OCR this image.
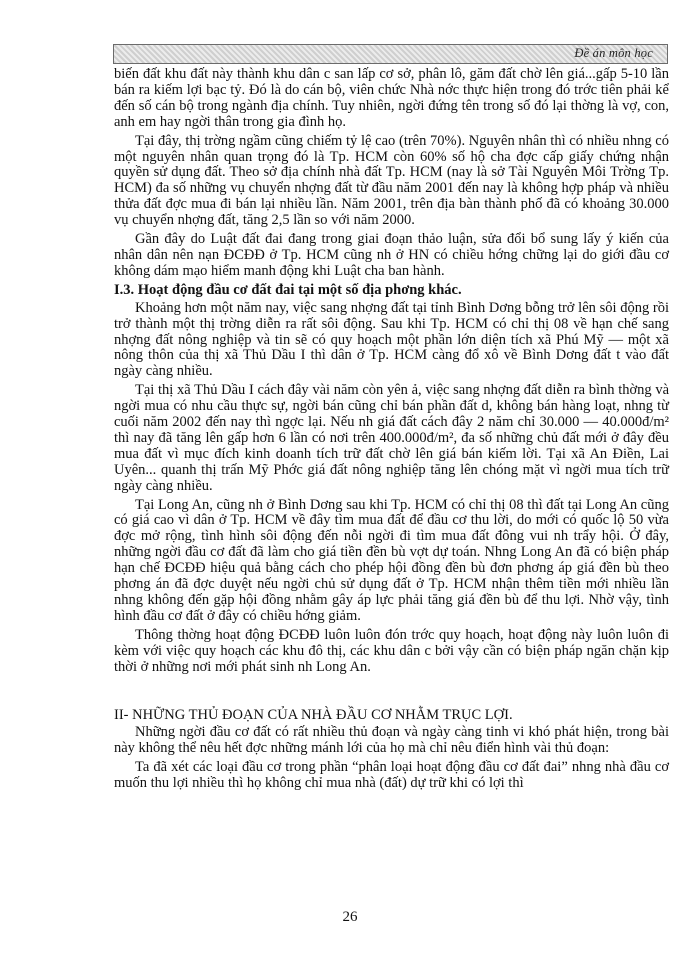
Đề án môn học

biến đất khu đất này thành khu dân c san lấp cơ sở, phân lô, găm đất chờ lên giá...gấp 5-10 lần bán ra kiếm lợi bạc tỷ. Đó là do cán bộ, viên chức Nhà nớc thực hiện trong đó trớc tiên phải kể đến số cán bộ trong ngành địa chính. Tuy nhiên, ngời đứng tên trong số đó lại thờng là vợ, con, anh em hay ngời thân trong gia đình họ.

Tại đây, thị trờng ngầm cũng chiếm tỷ lệ cao (trên 70%). Nguyên nhân thì có nhiều nhng có một nguyên nhân quan trọng đó là Tp. HCM còn 60% số hộ cha đợc cấp giấy chứng nhận quyền sử dụng đất. Theo sở địa chính nhà đất Tp. HCM (nay là sở Tài Nguyên Môi Trờng Tp. HCM) đa số những vụ chuyển nhợng đất từ đầu năm 2001 đến nay là không hợp pháp và nhiều thửa đất đợc mua đi bán lại nhiều lần. Năm 2001, trên địa bàn thành phố đã có khoảng 30.000 vụ chuyển nhợng đất, tăng 2,5 lần so với năm 2000.

Gần đây do Luật đất đai đang trong giai đoạn thảo luận, sửa đổi bổ sung lấy ý kiến của nhân dân nên nạn ĐCĐĐ ở Tp. HCM cũng nh ở HN có chiều hớng chững lại do giới đầu cơ không dám mạo hiểm manh động khi Luật cha ban hành.

I.3. Hoạt động đầu cơ đất đai tại một số địa phơng khác.

Khoảng hơn một năm nay, việc sang nhợng đất tại tỉnh Bình Dơng bỗng trở lên sôi động rồi trở thành một thị trờng diễn ra rất sôi động. Sau khi Tp. HCM có chỉ thị 08 về hạn chế sang nhợng đất nông nghiệp và tin sẽ có quy hoạch một phần lớn diện tích xã Phú Mỹ — một xã nông thôn của thị xã Thủ Dầu I thì dân ở Tp. HCM càng đổ xô về Bình Dơng đất t vào đất ngày càng nhiều.

Tại thị xã Thủ Dầu I cách đây vài năm còn yên ả, việc sang nhợng đất diễn ra bình thờng và ngời mua có nhu cầu thực sự, ngời bán cũng chỉ bán phần đất d, không bán hàng loạt, nhng từ cuối năm 2002 đến nay thì ngợc lại. Nếu nh giá đất cách đây 2 năm chỉ 30.000 — 40.000đ/m² thì nay đã tăng lên gấp hơn 6 lần có nơi trên 400.000đ/m², đa số những chủ đất mới ở đây đều mua đất vì mục đích kinh doanh tích trữ đất chờ lên giá bán kiếm lời. Tại xã An Điền, Lai Uyên... quanh thị trấn Mỹ Phớc giá đất nông nghiệp tăng lên chóng mặt vì ngời mua tích trữ ngày càng nhiều.

Tại Long An, cũng nh ở Bình Dơng sau khi Tp. HCM có chỉ thị 08 thì đất tại Long An cũng có giá cao vì dân ở Tp. HCM về đây tìm mua đất để đầu cơ thu lời, do mới có quốc lộ 50 vừa đợc mở rộng, tình hình sôi động đến nỗi ngời đi tìm mua đất đông vui nh trẩy hội. Ở đây, những ngời đầu cơ đất đã làm cho giá tiền đền bù vợt dự toán. Nhng Long An đã có biện pháp hạn chế ĐCĐĐ hiệu quả bằng cách cho phép hội đồng đền bù đơn phơng áp giá đền bù theo phơng án đã đợc duyệt nếu ngời chủ sử dụng đất ở Tp. HCM nhận thêm tiền mới nhiều lần nhng không đến gặp hội đồng nhằm gây áp lực phải tăng giá đền bù để thu lợi. Nhờ vậy, tình hình đầu cơ đất ở đây có chiều hớng giảm.

Thông thờng hoạt động ĐCĐĐ luôn luôn đón trớc quy hoạch, hoạt động này luôn luôn đi kèm với việc quy hoạch các khu đô thị, các khu dân c bởi vậy cần có biện pháp ngăn chặn kịp thời ở những nơi mới phát sinh nh Long An.

II- NHỮNG THỦ ĐOẠN CỦA NHÀ ĐẦU CƠ NHẰM TRỤC LỢI.

Những ngời đầu cơ đất có rất nhiều thủ đoạn và ngày càng tinh vi khó phát hiện, trong bài này không thể nêu hết đợc những mánh lới của họ mà chỉ nêu điển hình vài thủ đoạn:

Ta đã xét các loại đầu cơ trong phần “phân loại hoạt động đầu cơ đất đai” nhng nhà đầu cơ muốn thu lợi nhiều thì họ không chỉ mua nhà (đất) dự trữ khi có lợi thì

26
